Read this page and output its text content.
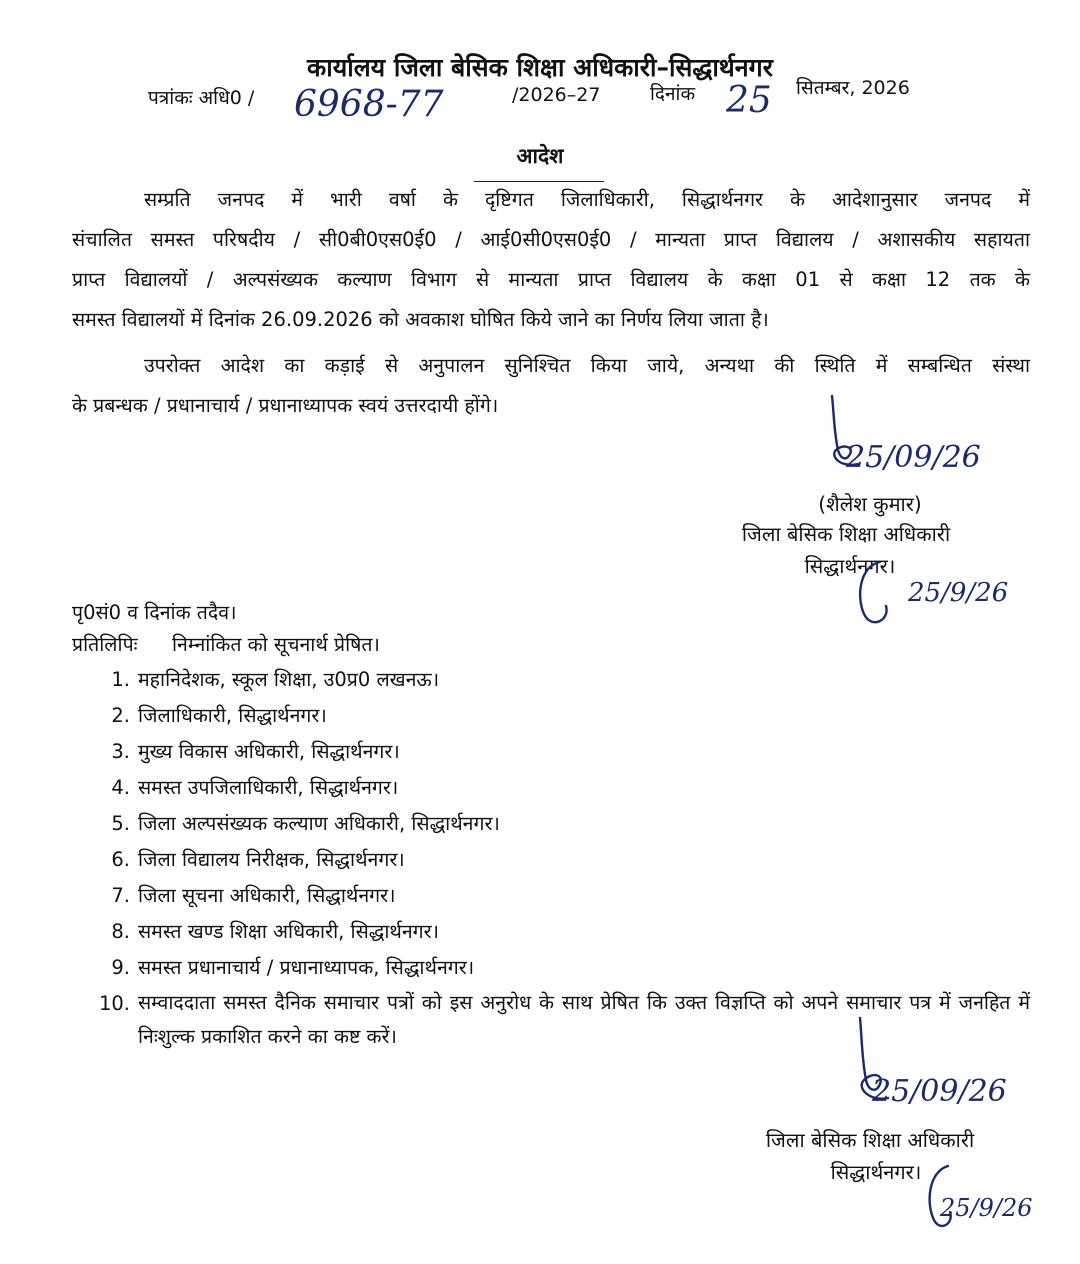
कार्यालय जिला बेसिक शिक्षा अधिकारी–सिद्धार्थनगर
पत्रांकः अधि0 / 6968-77	/2026–27	दिनांक 25 सितम्बर, 2026
आदेश

सम्प्रति जनपद में भारी वर्षा के दृष्टिगत जिलाधिकारी, सिद्धार्थनगर के आदेशानुसार जनपद में

संचालित समस्त परिषदीय / सी0बी0एस0ई0 / आई0सी0एस0ई0 / मान्यता प्राप्त विद्यालय / अशासकीय सहायता

प्राप्त विद्यालयों / अल्पसंख्यक कल्याण विभाग से मान्यता प्राप्त विद्यालय के कक्षा 01 से कक्षा 12 तक के

समस्त विद्यालयों में दिनांक 26.09.2026 को अवकाश घोषित किये जाने का निर्णय लिया जाता है।

उपरोक्त आदेश का कड़ाई से अनुपालन सुनिश्चित किया जाये, अन्यथा की स्थिति में सम्बन्धित संस्था

के प्रबन्धक / प्रधानाचार्य / प्रधानाध्यापक स्वयं उत्तरदायी होंगे।

25/09/26
(शैलेश कुमार)
जिला बेसिक शिक्षा अधिकारी
सिद्धार्थनगर।
25/9/26
पृ0सं0 व दिनांक तदैव।
प्रतिलिपिः निम्नांकित को सूचनार्थ प्रेषित।
1. महानिदेशक, स्कूल शिक्षा, उ0प्र0 लखनऊ।
2. जिलाधिकारी, सिद्धार्थनगर।
3. मुख्य विकास अधिकारी, सिद्धार्थनगर।
4. समस्त उपजिलाधिकारी, सिद्धार्थनगर।
5. जिला अल्पसंख्यक कल्याण अधिकारी, सिद्धार्थनगर।
6. जिला विद्यालय निरीक्षक, सिद्धार्थनगर।
7. जिला सूचना अधिकारी, सिद्धार्थनगर।
8. समस्त खण्ड शिक्षा अधिकारी, सिद्धार्थनगर।
9. समस्त प्रधानाचार्य / प्रधानाध्यापक, सिद्धार्थनगर।
10. सम्वाददाता समस्त दैनिक समाचार पत्रों को इस अनुरोध के साथ प्रेषित कि उक्त विज्ञप्ति को अपने समाचार पत्र में जनहित में निःशुल्क प्रकाशित करने का कष्ट करें।
25/09/26
जिला बेसिक शिक्षा अधिकारी
सिद्धार्थनगर।
25/9/26
